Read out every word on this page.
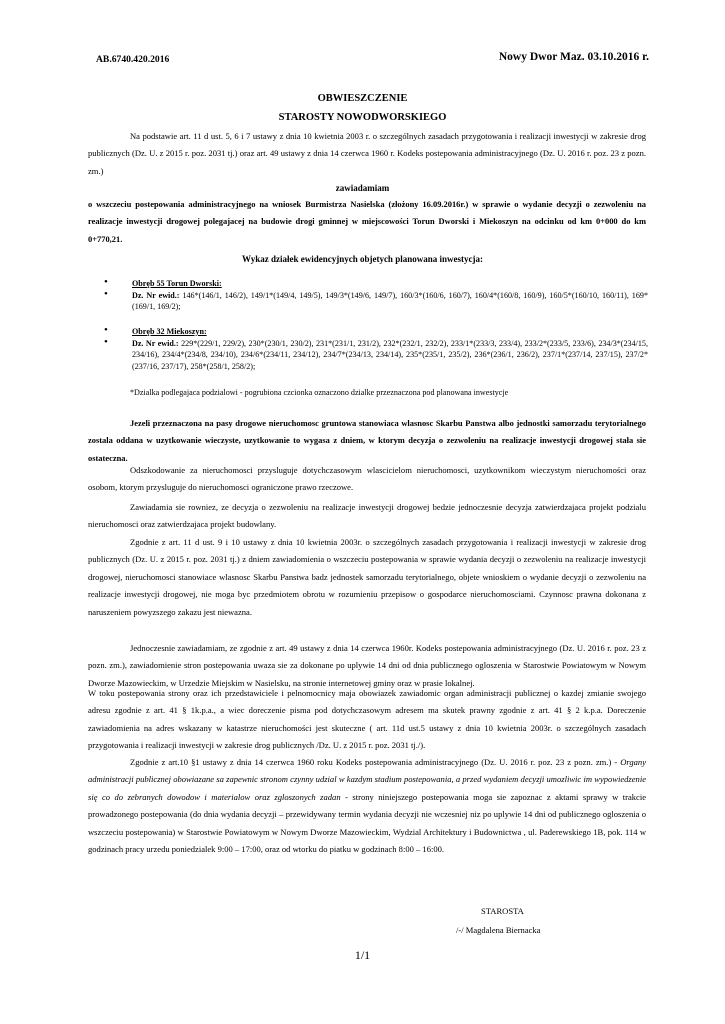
AB.6740.420.2016	Nowy Dwor Maz. 03.10.2016 r.
OBWIESZCZENIE
STAROSTY NOWODWORSKIEGO
Na podstawie art. 11 d ust. 5, 6 i 7 ustawy z dnia 10 kwietnia 2003 r. o szczególnych zasadach przygotowania i realizacji inwestycji w zakresie drog publicznych (Dz. U. z 2015 r. poz. 2031 tj.) oraz art. 49 ustawy z dnia 14 czerwca 1960 r. Kodeks postepowania administracyjnego (Dz. U. 2016 r. poz. 23 z pozn. zm.)
zawiadamiam
o wszczeciu postepowania administracyjnego na wniosek Burmistrza Nasielska (złożony 16.09.2016r.) w sprawie o wydanie decyzji o zezwoleniu na realizacje inwestycji drogowej polegajacej na budowie drogi gminnej w miejscowości Torun Dworski i Miekoszyn na odcinku od km 0+000 do km 0+770,21.
Wykaz działek ewidencyjnych objetych planowana inwestycja:
• Obręb 55 Torun Dworski:
• Dz. Nr ewid.: 146*(146/1, 146/2), 149/1*(149/4, 149/5), 149/3*(149/6, 149/7), 160/3*(160/6, 160/7), 160/4*(160/8, 160/9), 160/5*(160/10, 160/11), 169*(169/1, 169/2);
• Obręb 32 Miekoszyn:
• Dz. Nr ewid.: 229*(229/1, 229/2), 230*(230/1, 230/2), 231*(231/1, 231/2), 232*(232/1, 232/2), 233/1*(233/3, 233/4), 233/2*(233/5, 233/6), 234/3*(234/15, 234/16), 234/4*(234/8, 234/10), 234/6*(234/11, 234/12), 234/7*(234/13, 234/14), 235*(235/1, 235/2), 236*(236/1, 236/2), 237/1*(237/14, 237/15), 237/2*(237/16, 237/17), 258*(258/1, 258/2);
*Dzialka podlegajaca podzialowi - pogrubiona czcionka oznaczono dzialke przeznaczona pod planowana inwestycje
Jezeli przeznaczona na pasy drogowe nieruchomosc gruntowa stanowiaca wlasnosc Skarbu Panstwa albo jednostki samorzadu terytorialnego zostala oddana w uzytkowanie wieczyste, uzytkowanie to wygasa z dniem, w ktorym decyzja o zezwoleniu na realizacje inwestycji drogowej stała sie ostateczna.
Odszkodowanie za nieruchomosci przysluguje dotychczasowym wlascicielom nieruchomosci, uzytkownikom wieczystym nieruchomości oraz osobom, ktorym przysluguje do nieruchomosci ograniczone prawo rzeczowe.
Zawiadamia sie rowniez, ze decyzja o zezwoleniu na realizacje inwestycji drogowej bedzie jednoczesnie decyzja zatwierdzajaca projekt podzialu nieruchomosci oraz zatwierdzajaca projekt budowlany.
Zgodnie z art. 11 d ust. 9 i 10 ustawy z dnia 10 kwietnia 2003r. o szczególnych zasadach przygotowania i realizacji inwestycji w zakresie drog publicznych (Dz. U. z 2015 r. poz. 2031 tj.) z dniem zawiadomienia o wszczeciu postepowania w sprawie wydania decyzji o zezwoleniu na realizacje inwestycji drogowej, nieruchomosci stanowiace wlasnosc Skarbu Panstwa badz jednostek samorzadu terytorialnego, objete wnioskiem o wydanie decyzji o zezwoleniu na realizacje inwestycji drogowej, nie moga byc przedmiotem obrotu w rozumieniu przepisow o gospodarce nieruchomosciami. Czynnosc prawna dokonana z naruszeniem powyzszego zakazu jest niewazna.
Jednoczesnie zawiadamiam, ze zgodnie z art. 49 ustawy z dnia 14 czerwca 1960r. Kodeks postepowania administracyjnego (Dz. U. 2016 r. poz. 23 z pozn. zm.), zawiadomienie stron postepowania uwaza sie za dokonane po uplywie 14 dni od dnia publicznego ogloszenia w Starostwie Powiatowym w Nowym Dworze Mazowieckim, w Urzedzie Miejskim w Nasielsku, na stronie internetowej gminy oraz w prasie lokalnej.
W toku postepowania strony oraz ich przedstawiciele i pelnomocnicy maja obowiazek zawiadomic organ administracji publicznej o kazdej zmianie swojego adresu zgodnie z art. 41 § 1k.p.a., a wiec doreczenie pisma pod dotychczasowym adresem ma skutek prawny zgodnie z art. 41 § 2 k.p.a. Doreczenie zawiadomienia na adres wskazany w katastrze nieruchomości jest skuteczne ( art. 11d ust.5 ustawy z dnia 10 kwietnia 2003r. o szczególnych zasadach przygotowania i realizacji inwestycji w zakresie drog publicznych /Dz. U. z 2015 r. poz. 2031 tj./).
Zgodnie z art.10 §1 ustawy z dnia 14 czerwca 1960 roku Kodeks postepowania administracyjnego (Dz. U. 2016 r. poz. 23 z pozn. zm.) - Organy administracji publicznej obowiazane sa zapewnic stronom czynny udzial w kazdym stadium postepowania, a przed wydaniem decyzji umozliwic im wypowiedzenie się co do zebranych dowodow i materialow oraz zgloszonych zadan - strony niniejszego postepowania moga sie zapoznac z aktami sprawy w trakcie prowadzonego postepowania (do dnia wydania decyzji – przewidywany termin wydania decyzji nie wczesniej niz po uplywie 14 dni od publicznego ogloszenia o wszczeciu postepowania) w Starostwie Powiatowym w Nowym Dworze Mazowieckim, Wydzial Architektury i Budownictwa , ul. Paderewskiego 1B, pok. 114 w godzinach pracy urzedu poniedzialek 9:00 – 17:00, oraz od wtorku do piatku w godzinach 8:00 – 16:00.
STAROSTA
/-/ Magdalena Biernacka
1/1
